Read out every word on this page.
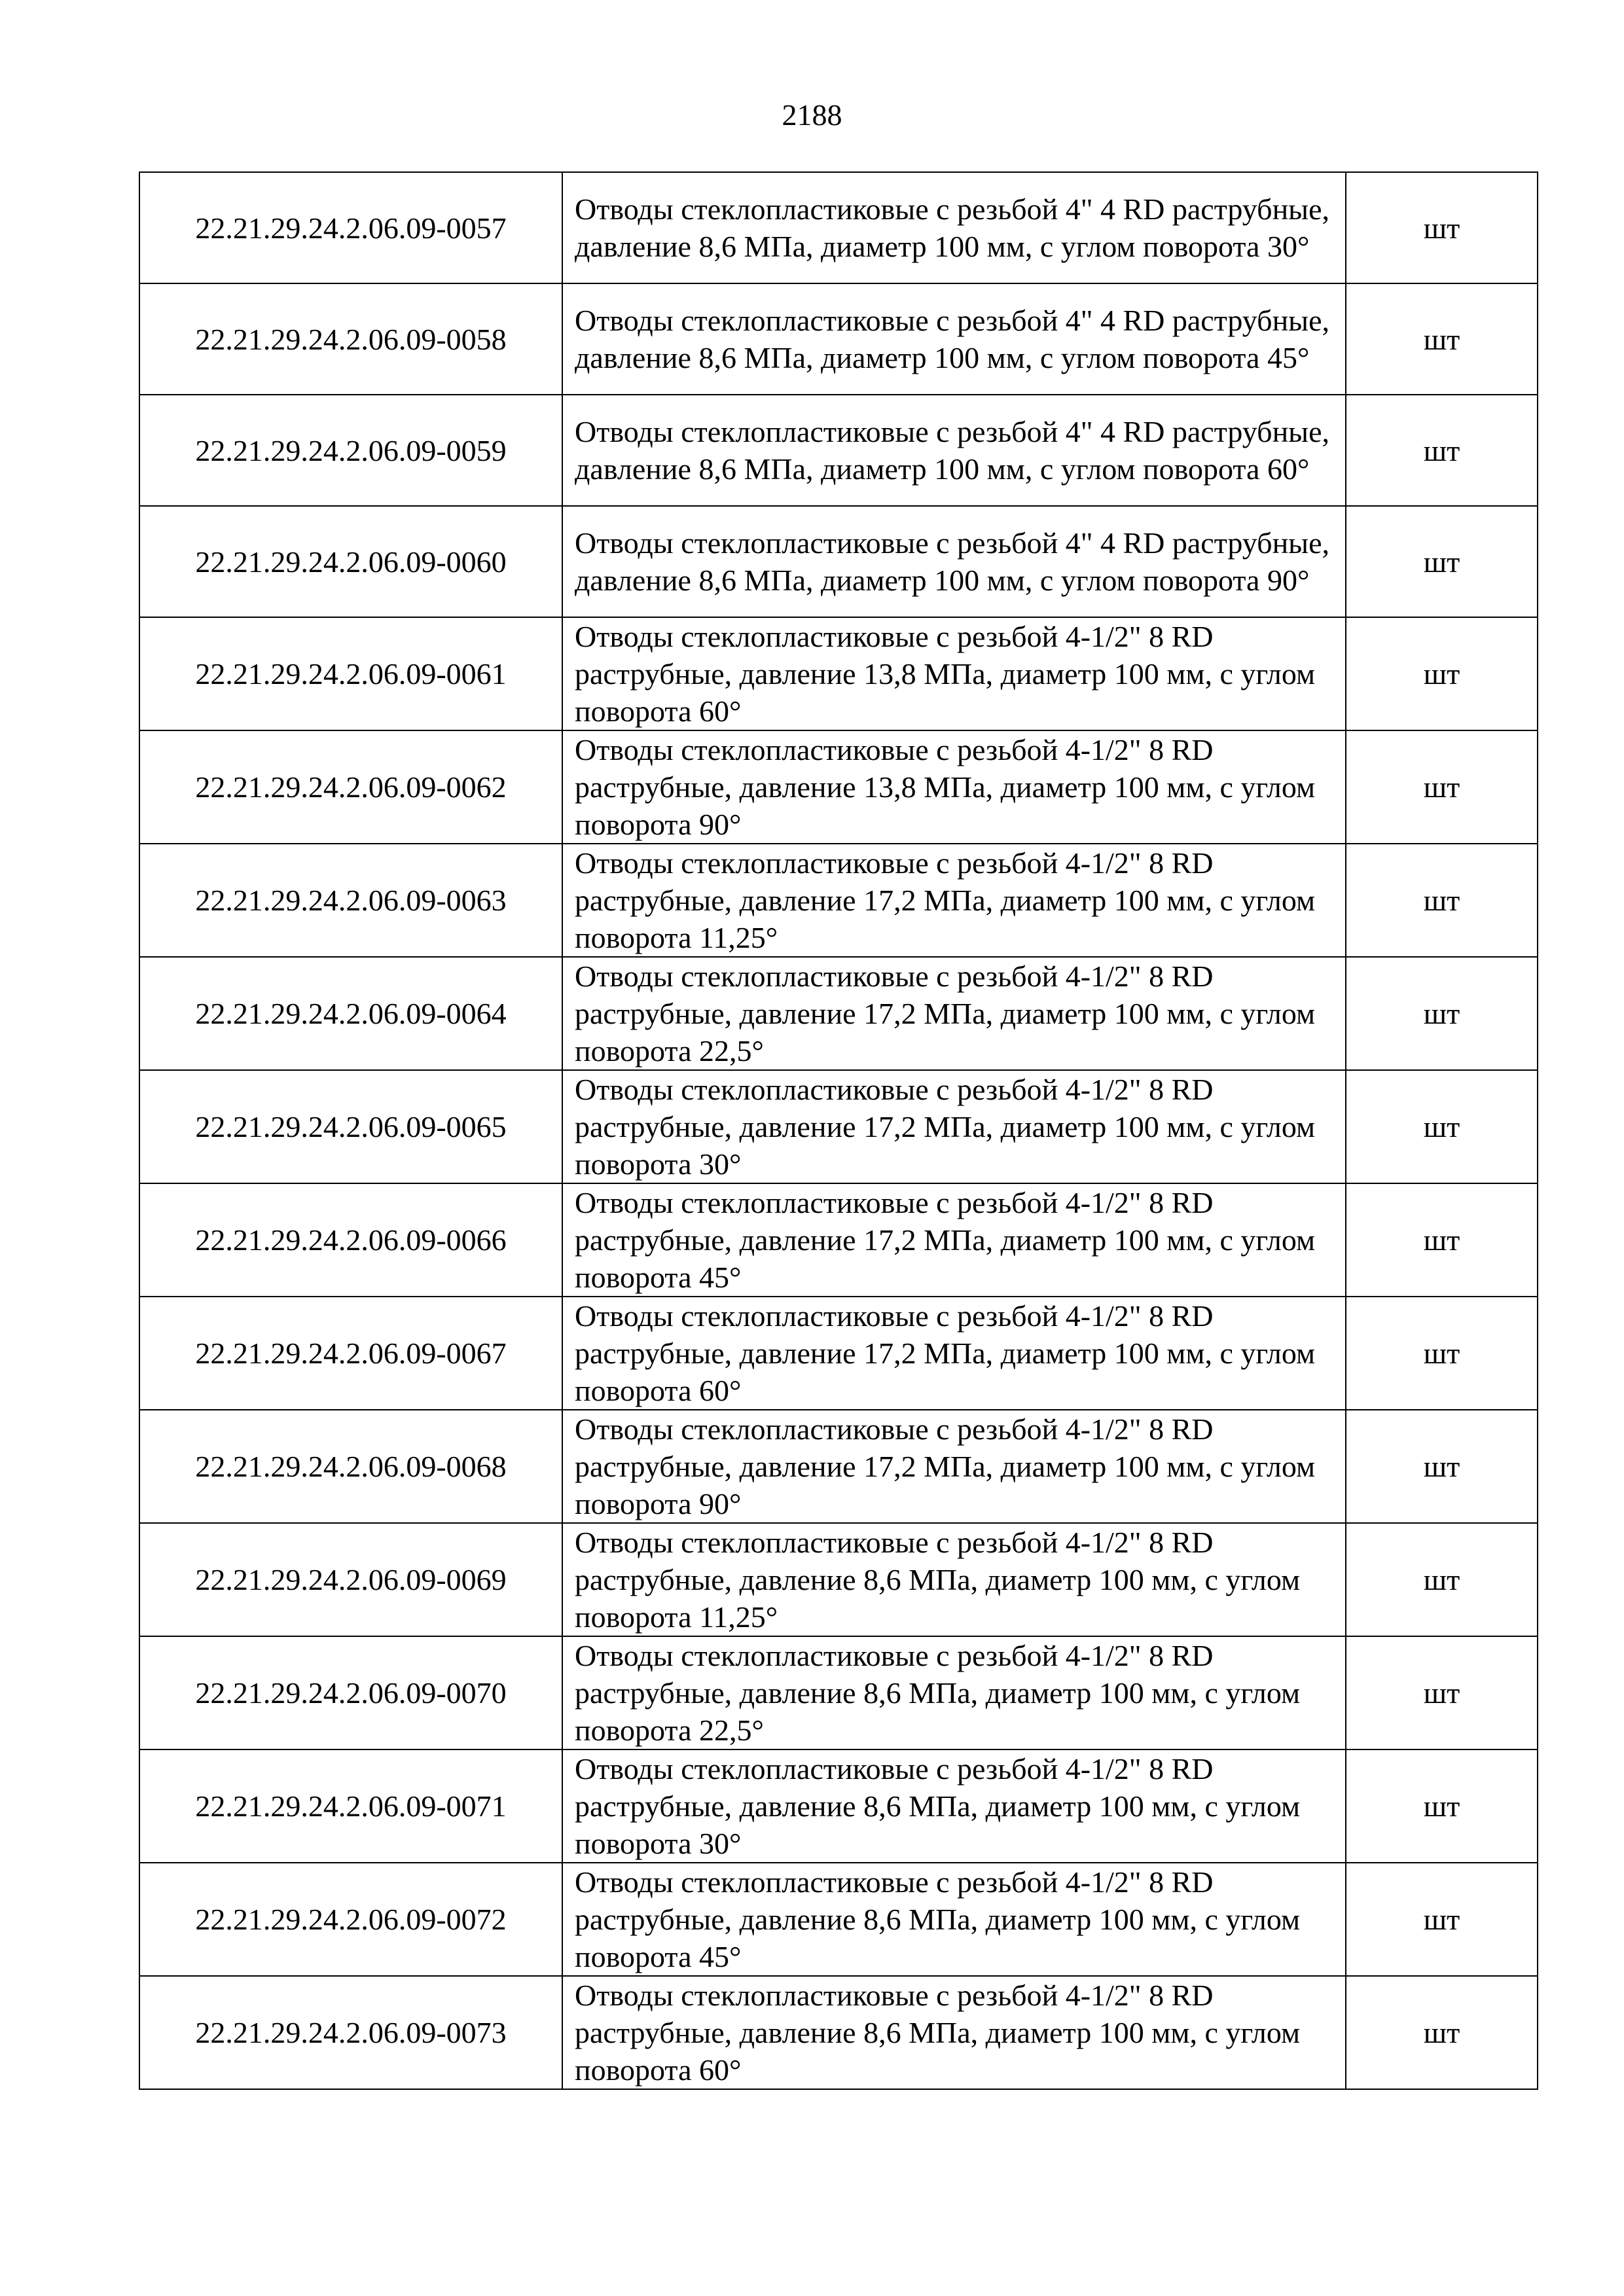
2188
22.21.29.24.2.06.09-0057	Отводы стеклопластиковые с резьбой 4" 4 RD раструбные, давление 8,6 МПа, диаметр 100 мм, с углом поворота 30°	шт
22.21.29.24.2.06.09-0058	Отводы стеклопластиковые с резьбой 4" 4 RD раструбные, давление 8,6 МПа, диаметр 100 мм, с углом поворота 45°	шт
22.21.29.24.2.06.09-0059	Отводы стеклопластиковые с резьбой 4" 4 RD раструбные, давление 8,6 МПа, диаметр 100 мм, с углом поворота 60°	шт
22.21.29.24.2.06.09-0060	Отводы стеклопластиковые с резьбой 4" 4 RD раструбные, давление 8,6 МПа, диаметр 100 мм, с углом поворота 90°	шт
22.21.29.24.2.06.09-0061	Отводы стеклопластиковые с резьбой 4-1/2" 8 RD раструбные, давление 13,8 МПа, диаметр 100 мм, с углом поворота 60°	шт
22.21.29.24.2.06.09-0062	Отводы стеклопластиковые с резьбой 4-1/2" 8 RD раструбные, давление 13,8 МПа, диаметр 100 мм, с углом поворота 90°	шт
22.21.29.24.2.06.09-0063	Отводы стеклопластиковые с резьбой 4-1/2" 8 RD раструбные, давление 17,2 МПа, диаметр 100 мм, с углом поворота 11,25°	шт
22.21.29.24.2.06.09-0064	Отводы стеклопластиковые с резьбой 4-1/2" 8 RD раструбные, давление 17,2 МПа, диаметр 100 мм, с углом поворота 22,5°	шт
22.21.29.24.2.06.09-0065	Отводы стеклопластиковые с резьбой 4-1/2" 8 RD раструбные, давление 17,2 МПа, диаметр 100 мм, с углом поворота 30°	шт
22.21.29.24.2.06.09-0066	Отводы стеклопластиковые с резьбой 4-1/2" 8 RD раструбные, давление 17,2 МПа, диаметр 100 мм, с углом поворота 45°	шт
22.21.29.24.2.06.09-0067	Отводы стеклопластиковые с резьбой 4-1/2" 8 RD раструбные, давление 17,2 МПа, диаметр 100 мм, с углом поворота 60°	шт
22.21.29.24.2.06.09-0068	Отводы стеклопластиковые с резьбой 4-1/2" 8 RD раструбные, давление 17,2 МПа, диаметр 100 мм, с углом поворота 90°	шт
22.21.29.24.2.06.09-0069	Отводы стеклопластиковые с резьбой 4-1/2" 8 RD раструбные, давление 8,6 МПа, диаметр 100 мм, с углом поворота 11,25°	шт
22.21.29.24.2.06.09-0070	Отводы стеклопластиковые с резьбой 4-1/2" 8 RD раструбные, давление 8,6 МПа, диаметр 100 мм, с углом поворота 22,5°	шт
22.21.29.24.2.06.09-0071	Отводы стеклопластиковые с резьбой 4-1/2" 8 RD раструбные, давление 8,6 МПа, диаметр 100 мм, с углом поворота 30°	шт
22.21.29.24.2.06.09-0072	Отводы стеклопластиковые с резьбой 4-1/2" 8 RD раструбные, давление 8,6 МПа, диаметр 100 мм, с углом поворота 45°	шт
22.21.29.24.2.06.09-0073	Отводы стеклопластиковые с резьбой 4-1/2" 8 RD раструбные, давление 8,6 МПа, диаметр 100 мм, с углом поворота 60°	шт
